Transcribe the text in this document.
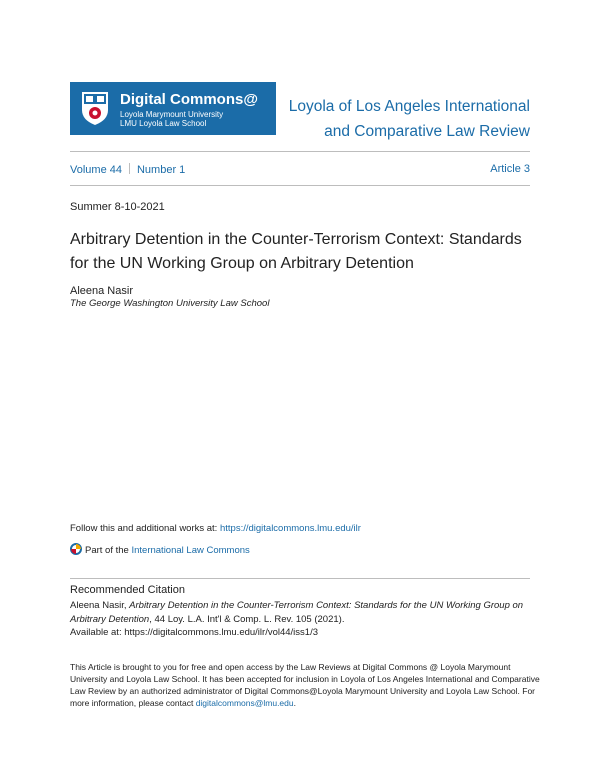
Digital Commons@
Loyola Marymount University
LMU Loyola Law School
Loyola of Los Angeles International
and Comparative Law Review
Volume 44 Number 1	Article 3
Summer 8-10-2021
Arbitrary Detention in the Counter-Terrorism Context: Standards for the UN Working Group on Arbitrary Detention
Aleena Nasir
The George Washington University Law School
Follow this and additional works at: https://digitalcommons.lmu.edu/ilr
Part of the International Law Commons
Recommended Citation
Aleena Nasir, Arbitrary Detention in the Counter-Terrorism Context: Standards for the UN Working Group on Arbitrary Detention, 44 Loy. L.A. Int'l & Comp. L. Rev. 105 (2021).
Available at: https://digitalcommons.lmu.edu/ilr/vol44/iss1/3
This Article is brought to you for free and open access by the Law Reviews at Digital Commons @ Loyola Marymount University and Loyola Law School. It has been accepted for inclusion in Loyola of Los Angeles International and Comparative Law Review by an authorized administrator of Digital Commons@Loyola Marymount University and Loyola Law School. For more information, please contact digitalcommons@lmu.edu.
